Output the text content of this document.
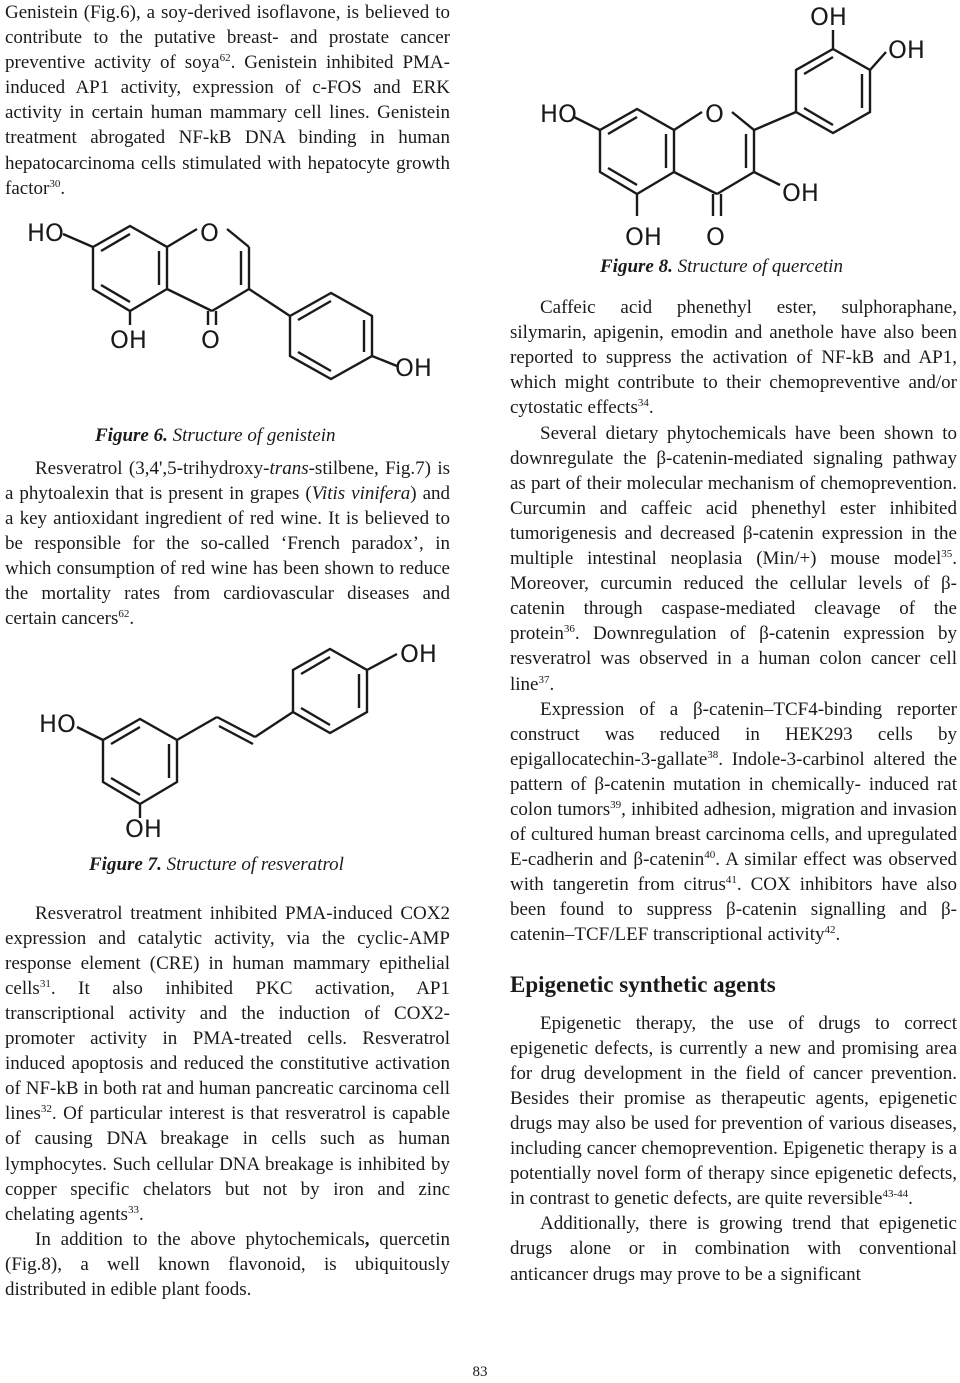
Genistein (Fig.6), a soy-derived isoflavone, is believed to contribute to the putative breast- and prostate cancer preventive activity of soya$^{62}$. Genistein inhibited PMA-induced AP1 activity, expression of c-FOS and ERK activity in certain human mammary cell lines. Genistein treatment abrogated NF-kB DNA binding in human hepatocarcinoma cells stimulated with hepatocyte growth factor$^{30}$.

HO	O
OH O
OH

Figure 6. Structure of genistein

Resveratrol (3,4',5-trihydroxy-trans-stilbene, Fig.7) is a phytoalexin that is present in grapes (Vitis vinifera) and a key antioxidant ingredient of red wine. It is believed to be responsible for the so-called ‘French paradox’, in which consumption of red wine has been shown to reduce the mortality rates from cardiovascular diseases and certain cancers$^{62}$.

HO
OH
OH

Figure 7. Structure of resveratrol

Resveratrol treatment inhibited PMA-induced COX2 expression and catalytic activity, via the cyclic-AMP response element (CRE) in human mammary epithelial cells$^{31}$. It also inhibited PKC activation, AP1 transcriptional activity and the induction of COX2-promoter activity in PMA-treated cells. Resveratrol induced apoptosis and reduced the constitutive activation of NF-kB in both rat and human pancreatic carcinoma cell lines$^{32}$. Of particular interest is that resveratrol is capable of causing DNA breakage in cells such as human lymphocytes. Such cellular DNA breakage is inhibited by copper specific chelators but not by iron and zinc chelating agents$^{33}$.

In addition to the above phytochemicals, quercetin (Fig.8), a well known flavonoid, is ubiquitously distributed in edible plant foods.

HO	O
OH
OH
OH
OH O

Figure 8. Structure of quercetin

Caffeic acid phenethyl ester, sulphoraphane, silymarin, apigenin, emodin and anethole have also been reported to suppress the activation of NF-kB and AP1, which might contribute to their chemopreventive and/or cytostatic effects$^{34}$.

Several dietary phytochemicals have been shown to downregulate the β-catenin-mediated signaling pathway as part of their molecular mechanism of chemoprevention. Curcumin and caffeic acid phenethyl ester inhibited tumorigenesis and decreased β-catenin expression in the multiple intestinal neoplasia (Min/+) mouse model$^{35}$. Moreover, curcumin reduced the cellular levels of β-catenin through caspase-mediated cleavage of the protein$^{36}$. Downregulation of β-catenin expression by resveratrol was observed in a human colon cancer cell line$^{37}$.

Expression of a β-catenin–TCF4-binding reporter construct was reduced in HEK293 cells by epigallocatechin-3-gallate$^{38}$. Indole-3-carbinol altered the pattern of β-catenin mutation in chemically- induced rat colon tumors$^{39}$, inhibited adhesion, migration and invasion of cultured human breast carcinoma cells, and upregulated E-cadherin and β-catenin$^{40}$. A similar effect was observed with tangeretin from citrus$^{41}$. COX inhibitors have also been found to suppress β-catenin signalling and β-catenin–TCF/LEF transcriptional activity$^{42}$.

Epigenetic synthetic agents

Epigenetic therapy, the use of drugs to correct epigenetic defects, is currently a new and promising area for drug development in the field of cancer prevention. Besides their promise as therapeutic agents, epigenetic drugs may also be used for prevention of various diseases, including cancer chemoprevention. Epigenetic therapy is a potentially novel form of therapy since epigenetic defects, in contrast to genetic defects, are quite reversible$^{43-44}$.

Additionally, there is growing trend that epigenetic drugs alone or in combination with conventional anticancer drugs may prove to be a significant

83
